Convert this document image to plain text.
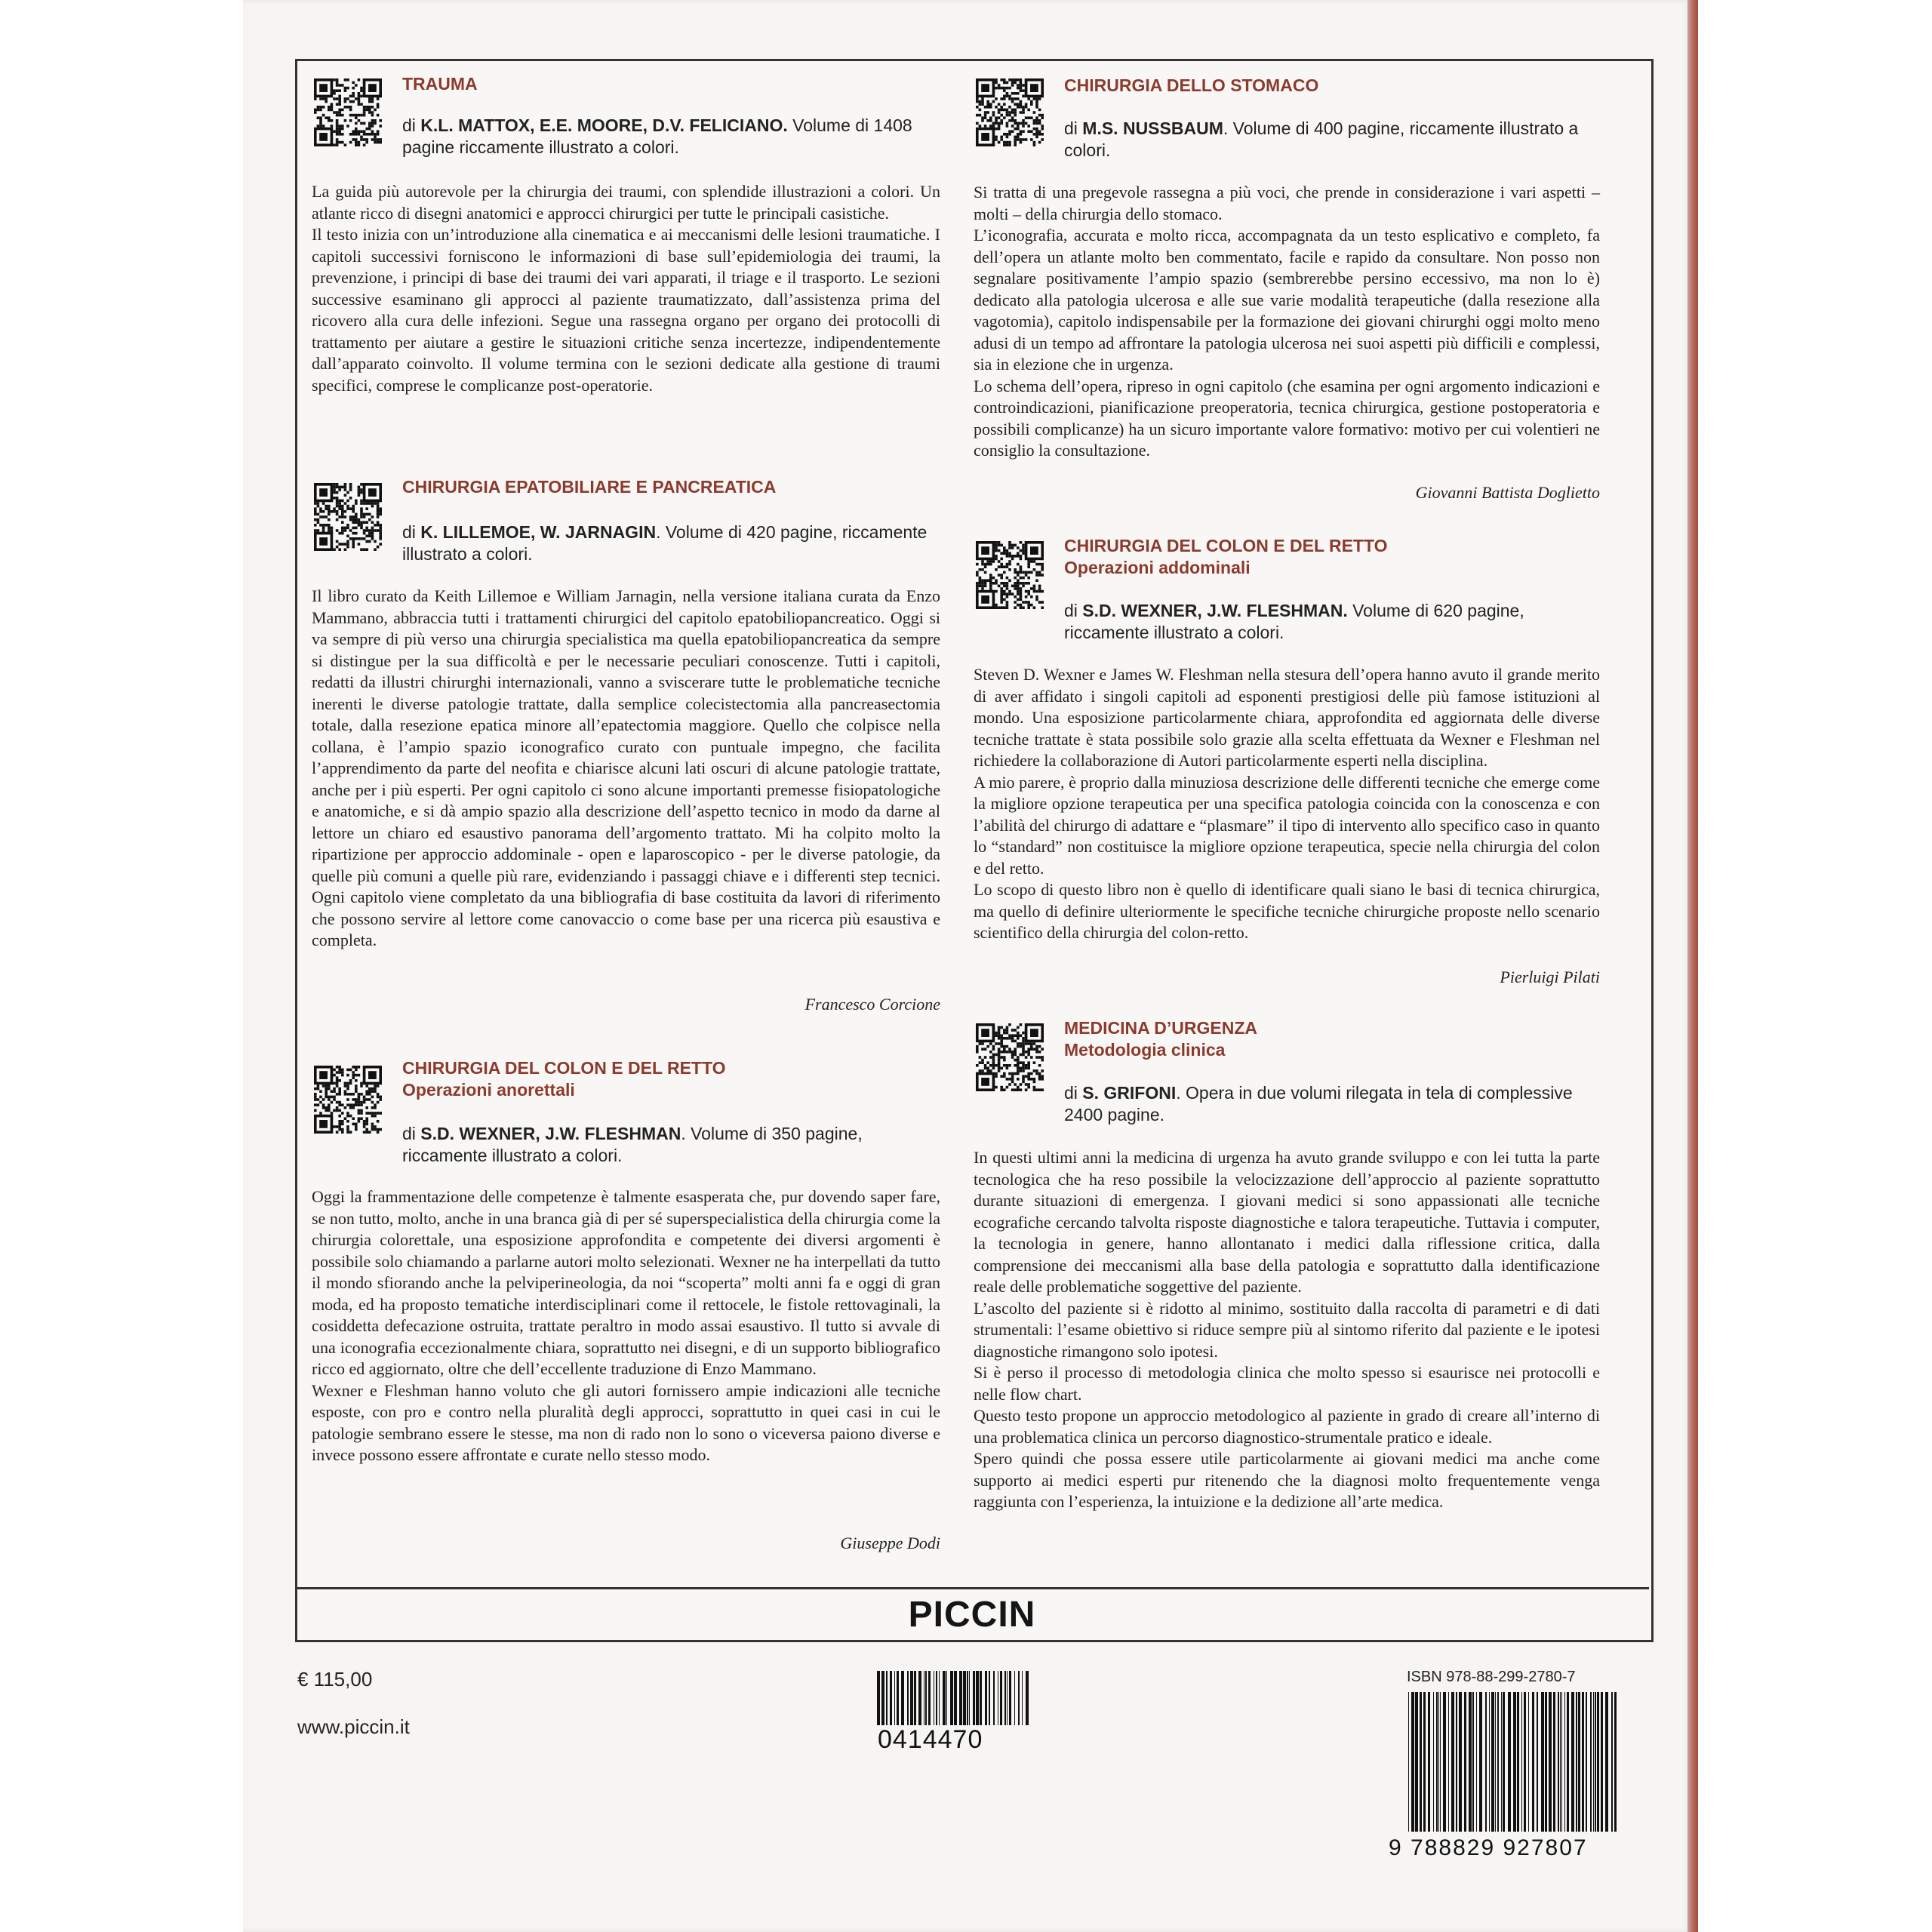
TRAUMA
di K.L. MATTOX, E.E. MOORE, D.V. FELICIANO. Volume di 1408 pagine riccamente illustrato a colori.
La guida più autorevole per la chirurgia dei traumi, con splendide illustrazioni a colori. Un atlante ricco di disegni anatomici e approcci chirurgici per tutte le principali casistiche.
Il testo inizia con un’introduzione alla cinematica e ai meccanismi delle lesioni traumatiche. I capitoli successivi forniscono le informazioni di base sull’epidemiologia dei traumi, la prevenzione, i principi di base dei traumi dei vari apparati, il triage e il trasporto. Le sezioni successive esaminano gli approcci al paziente traumatizzato, dall’assistenza prima del ricovero alla cura delle infezioni. Segue una rassegna organo per organo dei protocolli di trattamento per aiutare a gestire le situazioni critiche senza incertezze, indipendentemente dall’apparato coinvolto. Il volume termina con le sezioni dedicate alla gestione di traumi specifici, comprese le complicanze post-operatorie.
CHIRURGIA EPATOBILIARE E PANCREATICA
di K. LILLEMOE, W. JARNAGIN. Volume di 420 pagine, riccamente illustrato a colori.
Il libro curato da Keith Lillemoe e William Jarnagin, nella versione italiana curata da Enzo Mammano, abbraccia tutti i trattamenti chirurgici del capitolo epatobiliopancreatico. Oggi si va sempre di più verso una chirurgia specialistica ma quella epatobiliopancreatica da sempre si distingue per la sua difficoltà e per le necessarie peculiari conoscenze. Tutti i capitoli, redatti da illustri chirurghi internazionali, vanno a sviscerare tutte le problematiche tecniche inerenti le diverse patologie trattate, dalla semplice colecistectomia alla pancreasectomia totale, dalla resezione epatica minore all’epatectomia maggiore. Quello che colpisce nella collana, è l’ampio spazio iconografico curato con puntuale impegno, che facilita l’apprendimento da parte del neofita e chiarisce alcuni lati oscuri di alcune patologie trattate, anche per i più esperti. Per ogni capitolo ci sono alcune importanti premesse fisiopatologiche e anatomiche, e si dà ampio spazio alla descrizione dell’aspetto tecnico in modo da darne al lettore un chiaro ed esaustivo panorama dell’argomento trattato. Mi ha colpito molto la ripartizione per approccio addominale - open e laparoscopico - per le diverse patologie, da quelle più comuni a quelle più rare, evidenziando i passaggi chiave e i differenti step tecnici. Ogni capitolo viene completato da una bibliografia di base costituita da lavori di riferimento che possono servire al lettore come canovaccio o come base per una ricerca più esaustiva e completa.
Francesco Corcione
CHIRURGIA DEL COLON E DEL RETTO
Operazioni anorettali
di S.D. WEXNER, J.W. FLESHMAN. Volume di 350 pagine, riccamente illustrato a colori.
Oggi la frammentazione delle competenze è talmente esasperata che, pur dovendo saper fare, se non tutto, molto, anche in una branca già di per sé superspecialistica della chirurgia come la chirurgia colorettale, una esposizione approfondita e competente dei diversi argomenti è possibile solo chiamando a parlarne autori molto selezionati. Wexner ne ha interpellati da tutto il mondo sfiorando anche la pelviperineologia, da noi “scoperta” molti anni fa e oggi di gran moda, ed ha proposto tematiche interdisciplinari come il rettocele, le fistole rettovaginali, la cosiddetta defecazione ostruita, trattate peraltro in modo assai esaustivo. Il tutto si avvale di una iconografia eccezionalmente chiara, soprattutto nei disegni, e di un supporto bibliografico ricco ed aggiornato, oltre che dell’eccellente traduzione di Enzo Mammano.
Wexner e Fleshman hanno voluto che gli autori fornissero ampie indicazioni alle tecniche esposte, con pro e contro nella pluralità degli approcci, soprattutto in quei casi in cui le patologie sembrano essere le stesse, ma non di rado non lo sono o viceversa paiono diverse e invece possono essere affrontate e curate nello stesso modo.
Giuseppe Dodi
CHIRURGIA DELLO STOMACO
di M.S. NUSSBAUM. Volume di 400 pagine, riccamente illustrato a colori.
Si tratta di una pregevole rassegna a più voci, che prende in considerazione i vari aspetti – molti – della chirurgia dello stomaco.
L’iconografia, accurata e molto ricca, accompagnata da un testo esplicativo e completo, fa dell’opera un atlante molto ben commentato, facile e rapido da consultare. Non posso non segnalare positivamente l’ampio spazio (sembrerebbe persino eccessivo, ma non lo è) dedicato alla patologia ulcerosa e alle sue varie modalità terapeutiche (dalla resezione alla vagotomia), capitolo indispensabile per la formazione dei giovani chirurghi oggi molto meno adusi di un tempo ad affrontare la patologia ulcerosa nei suoi aspetti più difficili e complessi, sia in elezione che in urgenza.
Lo schema dell’opera, ripreso in ogni capitolo (che esamina per ogni argomento indicazioni e controindicazioni, pianificazione preoperatoria, tecnica chirurgica, gestione postoperatoria e possibili complicanze) ha un sicuro importante valore formativo: motivo per cui volentieri ne consiglio la consultazione.
Giovanni Battista Doglietto
CHIRURGIA DEL COLON E DEL RETTO
Operazioni addominali
di S.D. WEXNER, J.W. FLESHMAN. Volume di 620 pagine, riccamente illustrato a colori.
Steven D. Wexner e James W. Fleshman nella stesura dell’opera hanno avuto il grande merito di aver affidato i singoli capitoli ad esponenti prestigiosi delle più famose istituzioni al mondo. Una esposizione particolarmente chiara, approfondita ed aggiornata delle diverse tecniche trattate è stata possibile solo grazie alla scelta effettuata da Wexner e Fleshman nel richiedere la collaborazione di Autori particolarmente esperti nella disciplina.
A mio parere, è proprio dalla minuziosa descrizione delle differenti tecniche che emerge come la migliore opzione terapeutica per una specifica patologia coincida con la conoscenza e con l’abilità del chirurgo di adattare e “plasmare” il tipo di intervento allo specifico caso in quanto lo “standard” non costituisce la migliore opzione terapeutica, specie nella chirurgia del colon e del retto.
Lo scopo di questo libro non è quello di identificare quali siano le basi di tecnica chirurgica, ma quello di definire ulteriormente le specifiche tecniche chirurgiche proposte nello scenario scientifico della chirurgia del colon-retto.
Pierluigi Pilati
MEDICINA D’URGENZA
Metodologia clinica
di S. GRIFONI. Opera in due volumi rilegata in tela di complessive 2400 pagine.
In questi ultimi anni la medicina di urgenza ha avuto grande sviluppo e con lei tutta la parte tecnologica che ha reso possibile la velocizzazione dell’approccio al paziente soprattutto durante situazioni di emergenza. I giovani medici si sono appassionati alle tecniche ecografiche cercando talvolta risposte diagnostiche e talora terapeutiche. Tuttavia i computer, la tecnologia in genere, hanno allontanato i medici dalla riflessione critica, dalla comprensione dei meccanismi alla base della patologia e soprattutto dalla identificazione reale delle problematiche soggettive del paziente.
L’ascolto del paziente si è ridotto al minimo, sostituito dalla raccolta di parametri e di dati strumentali: l’esame obiettivo si riduce sempre più al sintomo riferito dal paziente e le ipotesi diagnostiche rimangono solo ipotesi.
Si è perso il processo di metodologia clinica che molto spesso si esaurisce nei protocolli e nelle flow chart.
Questo testo propone un approccio metodologico al paziente in grado di creare all’interno di una problematica clinica un percorso diagnostico-strumentale pratico e ideale.
Spero quindi che possa essere utile particolarmente ai giovani medici ma anche come supporto ai medici esperti pur ritenendo che la diagnosi molto frequentemente venga raggiunta con l’esperienza, la intuizione e la dedizione all’arte medica.
PICCIN
€ 115,00
www.piccin.it	0414470
ISBN 978-88-299-2780-7
9 788829 927807
